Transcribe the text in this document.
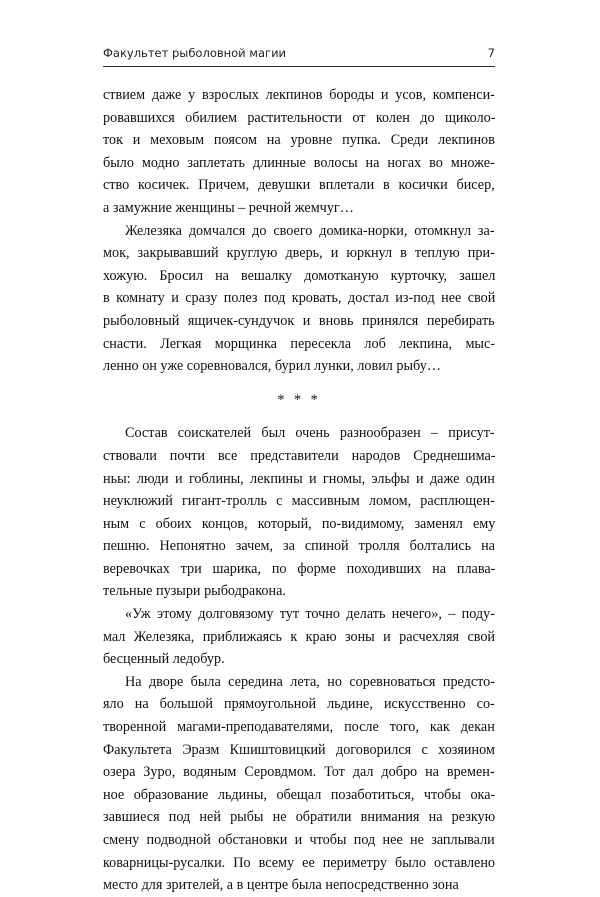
Факультет рыболовной магии	7
ствием даже у взрослых лекпинов бороды и усов, компенси-
ровавшихся обилием растительности от колен до щиколо-
ток и меховым поясом на уровне пупка. Среди лекпинов
было модно заплетать длинные волосы на ногах во множе-
ство косичек. Причем, девушки вплетали в косички бисер,
а замужние женщины – речной жемчуг…
Железяка домчался до своего домика-норки, отомкнул за-
мок, закрывавший круглую дверь, и юркнул в теплую при-
хожую. Бросил на вешалку домотканую курточку, зашел
в комнату и сразу полез под кровать, достал из-под нее свой
рыболовный ящичек-сундучок и вновь принялся перебирать
снасти. Легкая морщинка пересекла лоб лекпина, мыс-
ленно он уже соревновался, бурил лунки, ловил рыбу…
* * *
Состав соискателей был очень разнообразен – присут-
ствовали почти все представители народов Среднешима-
ньы: люди и гоблины, лекпины и гномы, эльфы и даже один
неуклюжий гигант-тролль с массивным ломом, расплющен-
ным с обоих концов, который, по-видимому, заменял ему
пешню. Непонятно зачем, за спиной тролля болтались на
веревочках три шарика, по форме походивших на плава-
тельные пузыри рыбодракона.
«Уж этому долговязому тут точно делать нечего», – поду-
мал Железяка, приближаясь к краю зоны и расчехляя свой
бесценный ледобур.
На дворе была середина лета, но соревноваться предсто-
яло на большой прямоугольной льдине, искусственно со-
творенной магами-преподавателями, после того, как декан
Факультета Эразм Кшиштовицкий договорился с хозяином
озера Зуро, водяным Серовдмом. Тот дал добро на времен-
ное образование льдины, обещал позаботиться, чтобы ока-
завшиеся под ней рыбы не обратили внимания на резкую
смену подводной обстановки и чтобы под нее не заплывали
коварницы-русалки. По всему ее периметру было оставлено
место для зрителей, а в центре была непосредственно зона
